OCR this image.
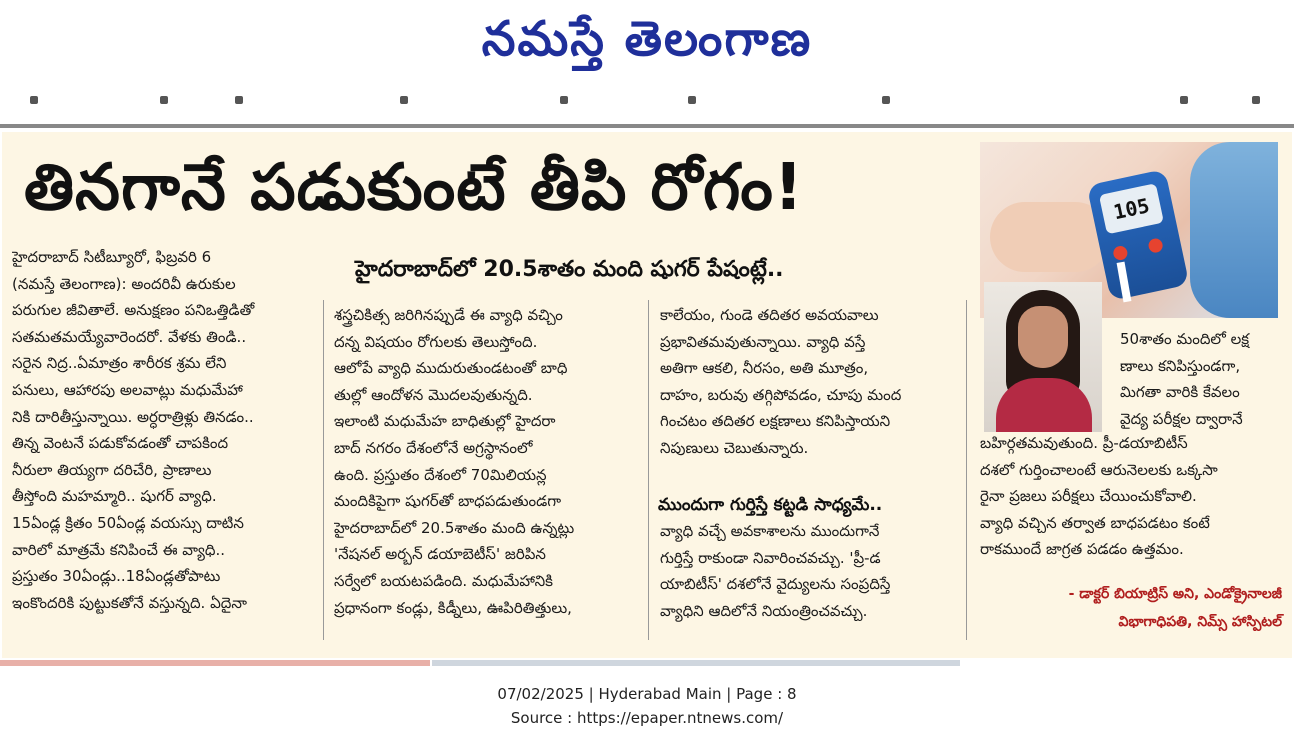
నమస్తే తెలంగాణ
తినగానే పడుకుంటే తీపి రోగం!	105
హైదరాబాద్‌లో 20.5శాతం మంది షుగర్ పేషంట్లే..

హైదరాబాద్ సిటీబ్యూరో, ఫిబ్రవరి 6

(నమస్తే తెలంగాణ): అందరివీ ఉరుకుల

పరుగుల జీవితాలే. అనుక్షణం పనిఒత్తిడితో

సతమతమయ్యేవారెందరో. వేళకు తిండి..

సరైన నిద్ర..ఏమాత్రం శారీరక శ్రమ లేని

పనులు, ఆహారపు అలవాట్లు మధుమేహా

నికి దారితీస్తున్నాయి. అర్ధరాత్రిళ్లు తినడం..

తిన్న వెంటనే పడుకోవడంతో చాపకింద

నీరులా తియ్యగా దరిచేరి, ప్రాణాలు

తీస్తోంది మహమ్మారి.. షుగర్ వ్యాధి.

15ఏండ్ల క్రితం 50ఏండ్ల వయస్సు దాటిన

వారిలో మాత్రమే కనిపించే ఈ వ్యాధి..

ప్రస్తుతం 30ఏండ్లు..18ఏండ్లతోపాటు

ఇంకొందరికి పుట్టుకతోనే వస్తున్నది. ఏదైనా

శస్త్రచికిత్స జరిగినప్పుడే ఈ వ్యాధి వచ్చిం

దన్న విషయం రోగులకు తెలుస్తోంది.

ఆలోపే వ్యాధి ముదురుతుండటంతో బాధి

తుల్లో ఆందోళన మొదలవుతున్నది.

ఇలాంటి మధుమేహ బాధితుల్లో హైదరా

బాద్ నగరం దేశంలోనే అగ్రస్థానంలో

ఉంది. ప్రస్తుతం దేశంలో 70మిలియన్ల

మందికిపైగా షుగర్‌తో బాధపడుతుండగా

హైదరాబాద్‌లో 20.5శాతం మంది ఉన్నట్లు

'నేషనల్ అర్బన్ డయాబెటీస్' జరిపిన

సర్వేలో బయటపడింది. మధుమేహానికి

ప్రధానంగా కండ్లు, కిడ్నీలు, ఊపిరితిత్తులు,

కాలేయం, గుండె తదితర అవయవాలు

ప్రభావితమవుతున్నాయి. వ్యాధి వస్తే

అతిగా ఆకలి, నీరసం, అతి మూత్రం,

దాహం, బరువు తగ్గిపోవడం, చూపు మంద

గించటం తదితర లక్షణాలు కనిపిస్తాయని

నిపుణులు చెబుతున్నారు.

ముందుగా గుర్తిస్తే కట్టడి సాధ్యమే..

వ్యాధి వచ్చే అవకాశాలను ముందుగానే

గుర్తిస్తే రాకుండా నివారించవచ్చు. 'ప్రీ-డ

యాబిటీస్' దశలోనే వైద్యులను సంప్రదిస్తే

వ్యాధిని ఆదిలోనే నియంత్రించవచ్చు.

50శాతం మందిలో లక్ష

ణాలు కనిపిస్తుండగా,

మిగతా వారికి కేవలం

వైద్య పరీక్షల ద్వారానే

బహిర్గతమవుతుంది. ప్రీ-డయాబిటీస్

దశలో గుర్తించాలంటే ఆరునెలలకు ఒక్కసా

రైనా ప్రజలు పరీక్షలు చేయించుకోవాలి.

వ్యాధి వచ్చిన తర్వాత బాధపడటం కంటే

రాకముందే జాగ్రత పడడం ఉత్తమం.

- డాక్టర్ బియాట్రిస్ అని, ఎండోక్రైనాలజీ
విభాగాధిపతి, నిమ్స్ హాస్పిటల్
07/02/2025 | Hyderabad Main | Page : 8
Source : https://epaper.ntnews.com/
